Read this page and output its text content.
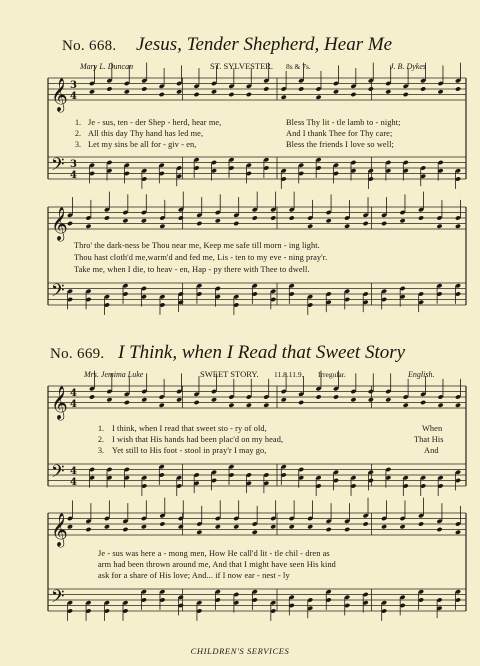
No. 668. Jesus, Tender Shepherd, Hear Me
Mary L. Duncan	ST. SYLVESTER. 8s & 7s.	J. B. Dykes
1. Je - sus, ten - der Shep - herd, hear me,
2. All this day Thy hand has led me,
3. Let my sins be all for - giv - en,
Bless Thy lit - tle lamb to - night;
And I thank Thee for Thy care;
Bless the friends I love so well;
Thro' the dark-ness be Thou near me, Keep me safe till morn - ing light.
Thou hast cloth'd me,warm'd and fed me, Lis - ten to my eve - ning pray'r.
Take me, when I die, to heav - en, Hap - py there with Thee to dwell.
No. 669. I Think, when I Read that Sweet Story
Mrs. Jemima Luke	SWEET STORY. 11.8.11.9. Irregular.	English.
1. I think, when I read that sweet sto - ry of old,
2. I wish that His hands had been plac'd on my head,
3. Yet still to His foot - stool in pray'r I may go,
When
That His
And
Je - sus was here a - mong men, How He call'd lit - tle chil - dren as
arm had been thrown around me, And that I might have seen His kind
ask for a share of His love; And... if I now ear - nest - ly
CHILDREN'S SERVICES
𝄞
𝄢
𝄞
𝄢
𝄞
𝄢
𝄞
𝄢
3
4
3
4
4
4
4
4
